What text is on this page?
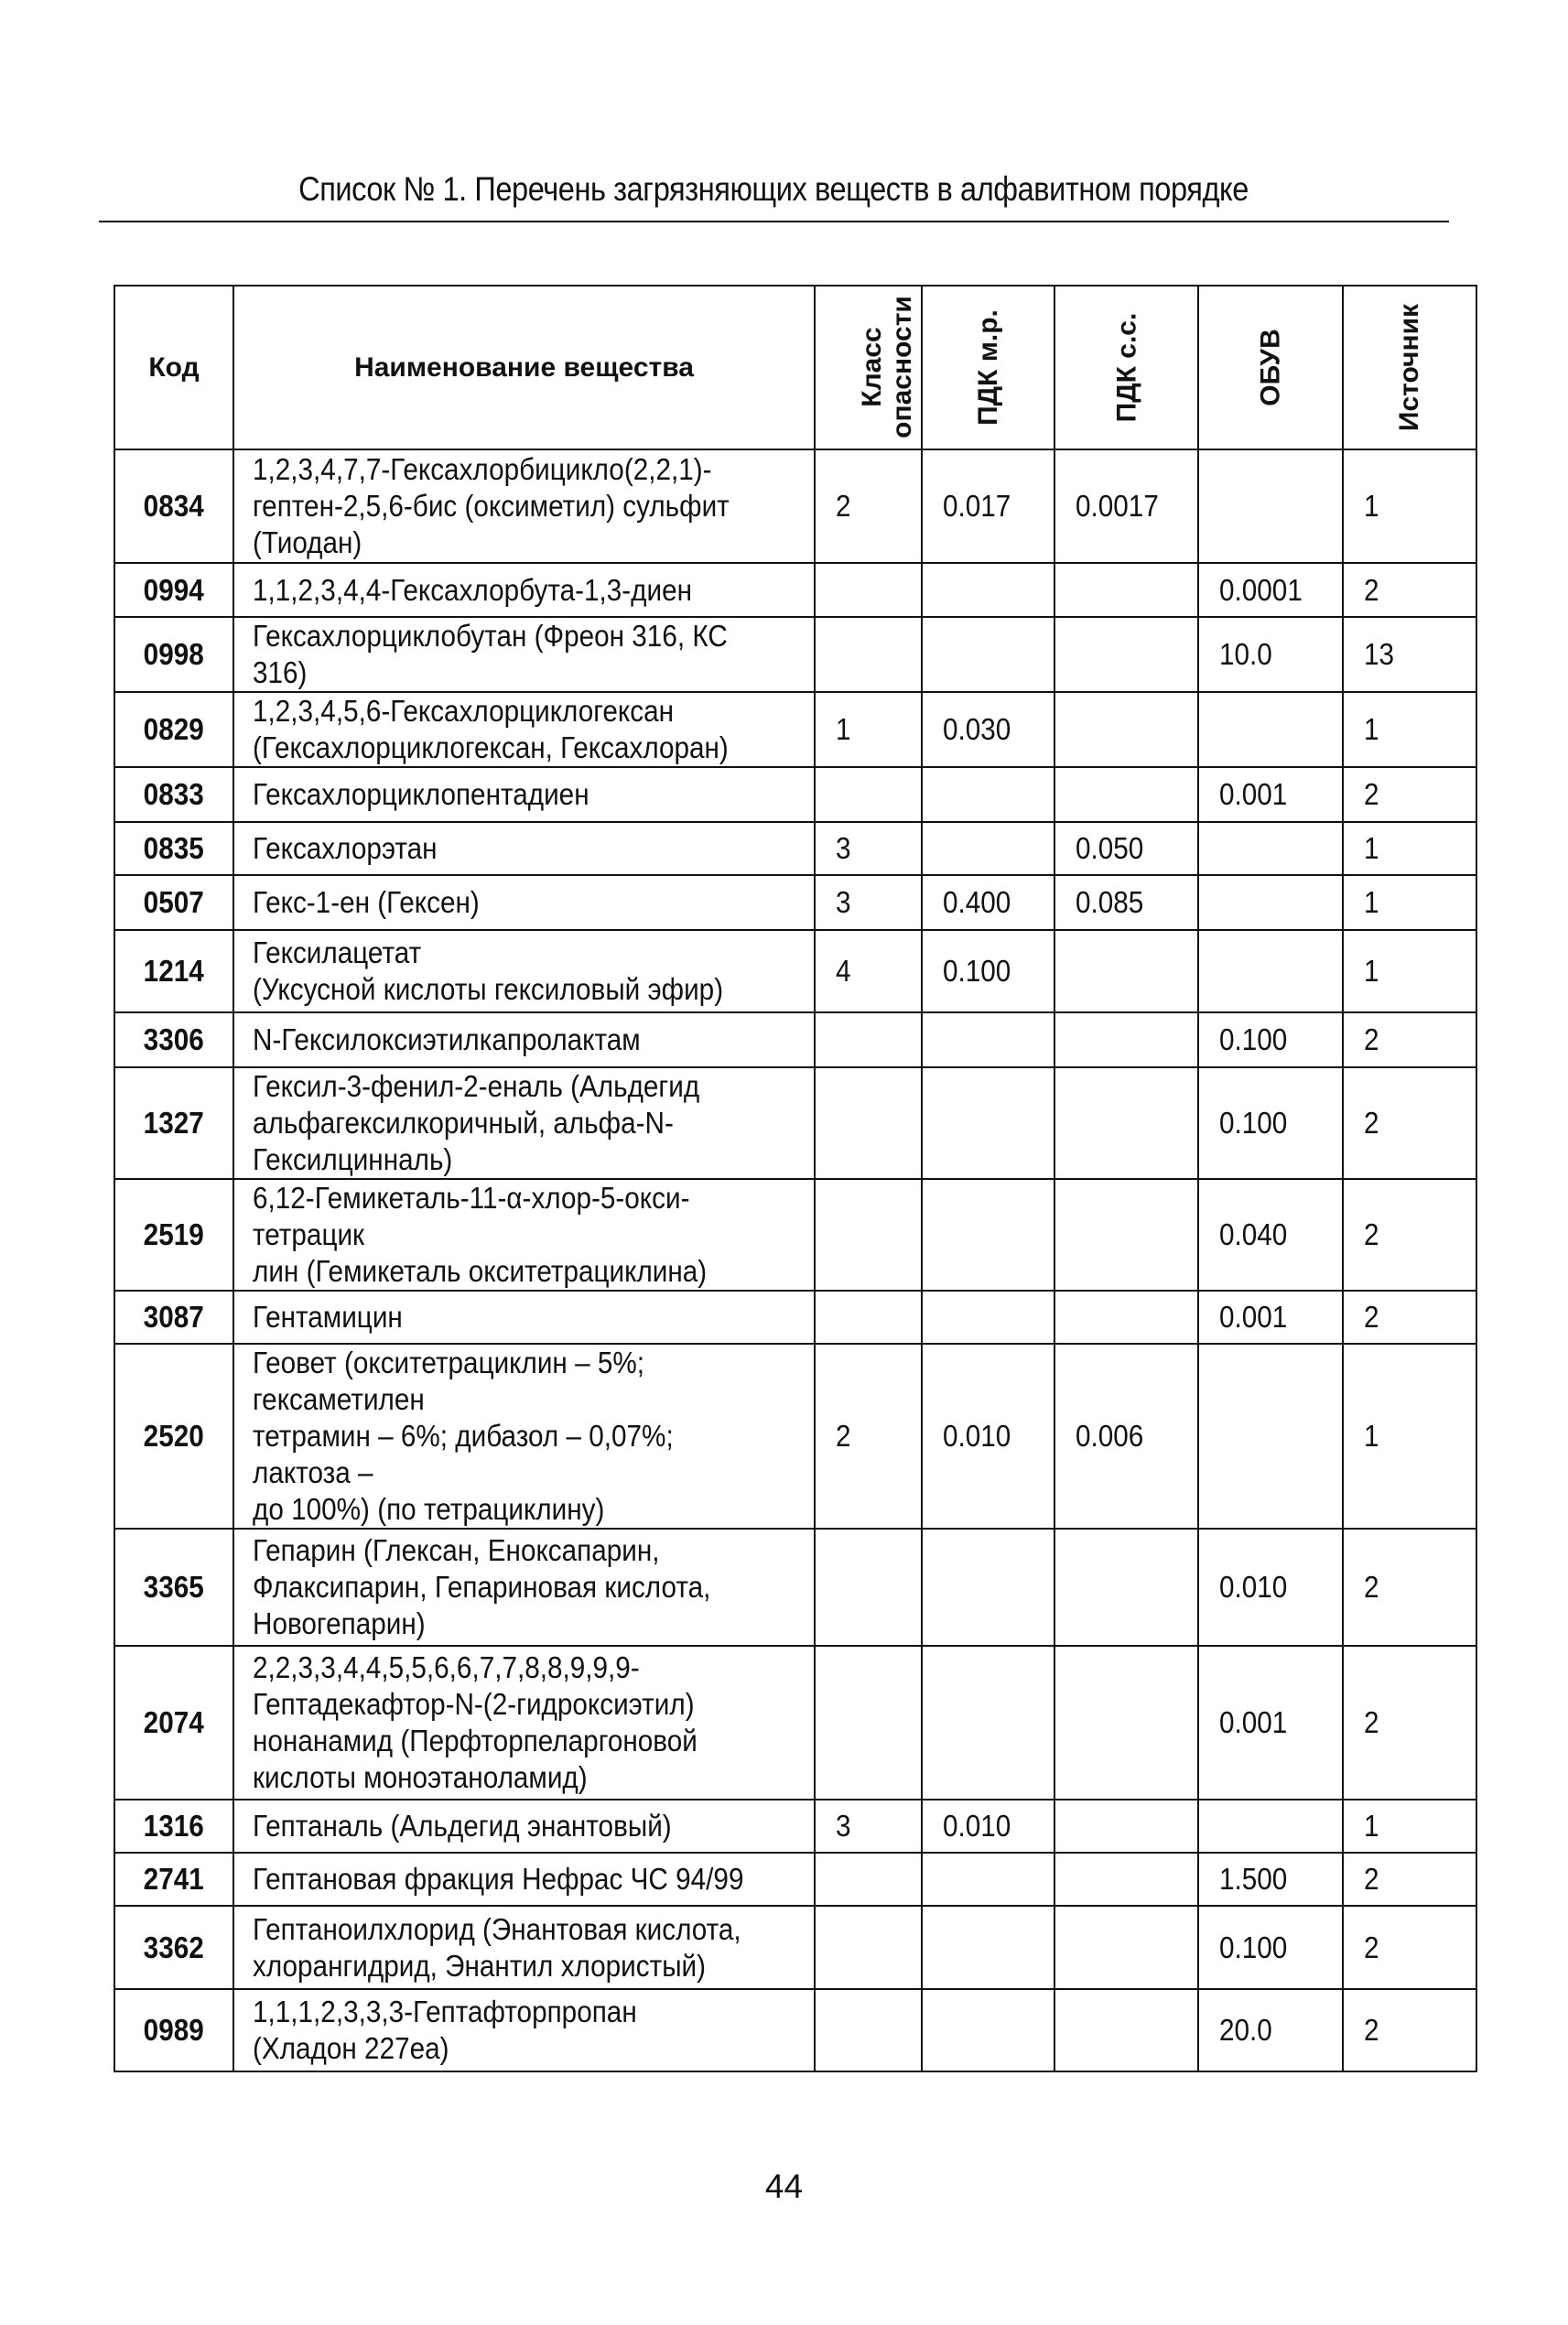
Список № 1. Перечень загрязняющих веществ в алфавитном порядке
Код	Наименование вещества	Класс
опасности	ПДК м.р.	ПДК с.с.	ОБУВ	Источник
0834	1,2,3,4,7,7-Гексахлорбицикло(2,2,1)-
гептен-2,5,6-бис (оксиметил) сульфит
(Тиодан)	2	0.017	0.0017		1
0994	1,1,2,3,4,4-Гексахлорбута-1,3-диен				0.0001	2
0998	Гексахлорциклобутан (Фреон 316, КС 316)				10.0	13
0829	1,2,3,4,5,6-Гексахлорциклогексан
(Гексахлорциклогексан, Гексахлоран)	1	0.030			1
0833	Гексахлорциклопентадиен				0.001	2
0835	Гексахлорэтан	3		0.050		1
0507	Гекс-1-ен (Гексен)	3	0.400	0.085		1
1214	Гексилацетат
(Уксусной кислоты гексиловый эфир)	4	0.100			1
3306	N-Гексилоксиэтилкапролактам				0.100	2
1327	Гексил-3-фенил-2-еналь (Альдегид
альфагексилкоричный, альфа-N-
Гексилцинналь)				0.100	2
2519	6,12-Гемикеталь-11-α-хлор-5-окси-тетрацик
лин (Гемикеталь окситетрациклина)				0.040	2
3087	Гентамицин				0.001	2
2520	Геовет (окситетрациклин – 5%; гексаметилен
тетрамин – 6%; дибазол – 0,07%; лактоза –
до 100%) (по тетрациклину)	2	0.010	0.006		1
3365	Гепарин (Глексан, Еноксапарин,
Флаксипарин, Гепариновая кислота,
Новогепарин)				0.010	2
2074	2,2,3,3,4,4,5,5,6,6,7,7,8,8,9,9,9-
Гептадекафтор-N-(2-гидроксиэтил)
нонанамид (Перфторпеларгоновой
кислоты моноэтаноламид)				0.001	2
1316	Гептаналь (Альдегид энантовый)	3	0.010			1
2741	Гептановая фракция Нефрас ЧС 94/99				1.500	2
3362	Гептаноилхлорид (Энантовая кислота,
хлорангидрид, Энантил хлористый)				0.100	2
0989	1,1,1,2,3,3,3-Гептафторпропан
(Хладон 227еа)				20.0	2
44
